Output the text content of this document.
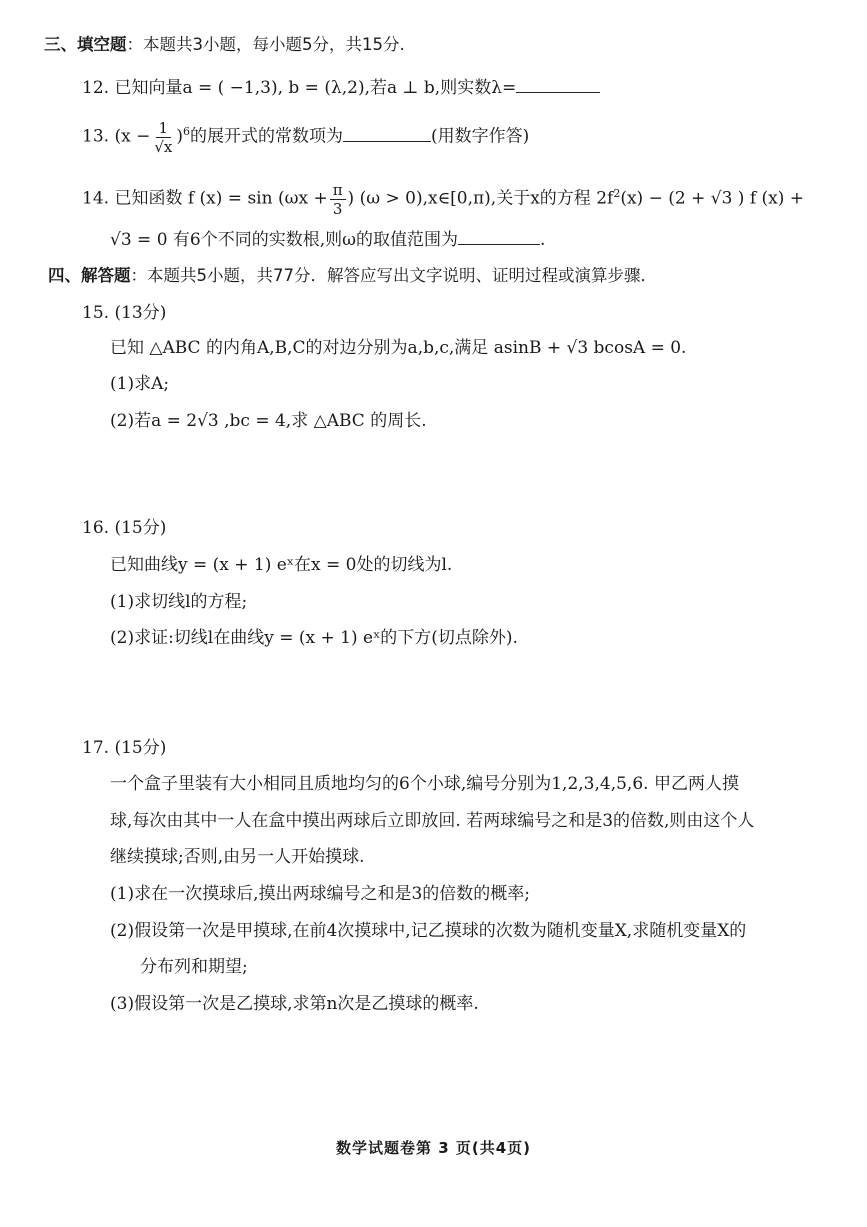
三、填空题：本题共3小题，每小题5分，共15分.
12. 已知向量a = ( −1,3), b = (λ,2),若a ⊥ b,则实数λ=
13. $(x - \frac{1}{√x} )^6$的展开式的常数项为	(用数字作答)
14. 已知函数 f $(x) = \sin (\omega x + \frac{\pi}{3}$ ) (ω > 0),x∈[0,π),关于x的方程 $2f^2(x) - (2 + √3$ ) f (x) +
√3 = 0 有6个不同的实数根,则ω的取值范围为	.
四、解答题：本题共5小题，共77分．解答应写出文字说明、证明过程或演算步骤．
15. (13分)
已知 △ABC 的内角A,B,C的对边分别为a,b,c,满足 asinB + √3 bcosA = 0.
(1)求A;
(2)若a = 2√3 ,bc = 4,求 △ABC 的周长.
16. (15分)
已知曲线y = (x + 1) eˣ在x = 0处的切线为l.
(1)求切线l的方程;
(2)求证:切线l在曲线y = (x + 1) eˣ的下方(切点除外).
17. (15分)
一个盒子里装有大小相同且质地均匀的6个小球,编号分别为1,2,3,4,5,6. 甲乙两人摸
球,每次由其中一人在盒中摸出两球后立即放回. 若两球编号之和是3的倍数,则由这个人
继续摸球;否则,由另一人开始摸球.
(1)求在一次摸球后,摸出两球编号之和是3的倍数的概率;
(2)假设第一次是甲摸球,在前4次摸球中,记乙摸球的次数为随机变量X,求随机变量X的
分布列和期望;
(3)假设第一次是乙摸球,求第n次是乙摸球的概率.
数学试题卷第 3 页(共4页)
